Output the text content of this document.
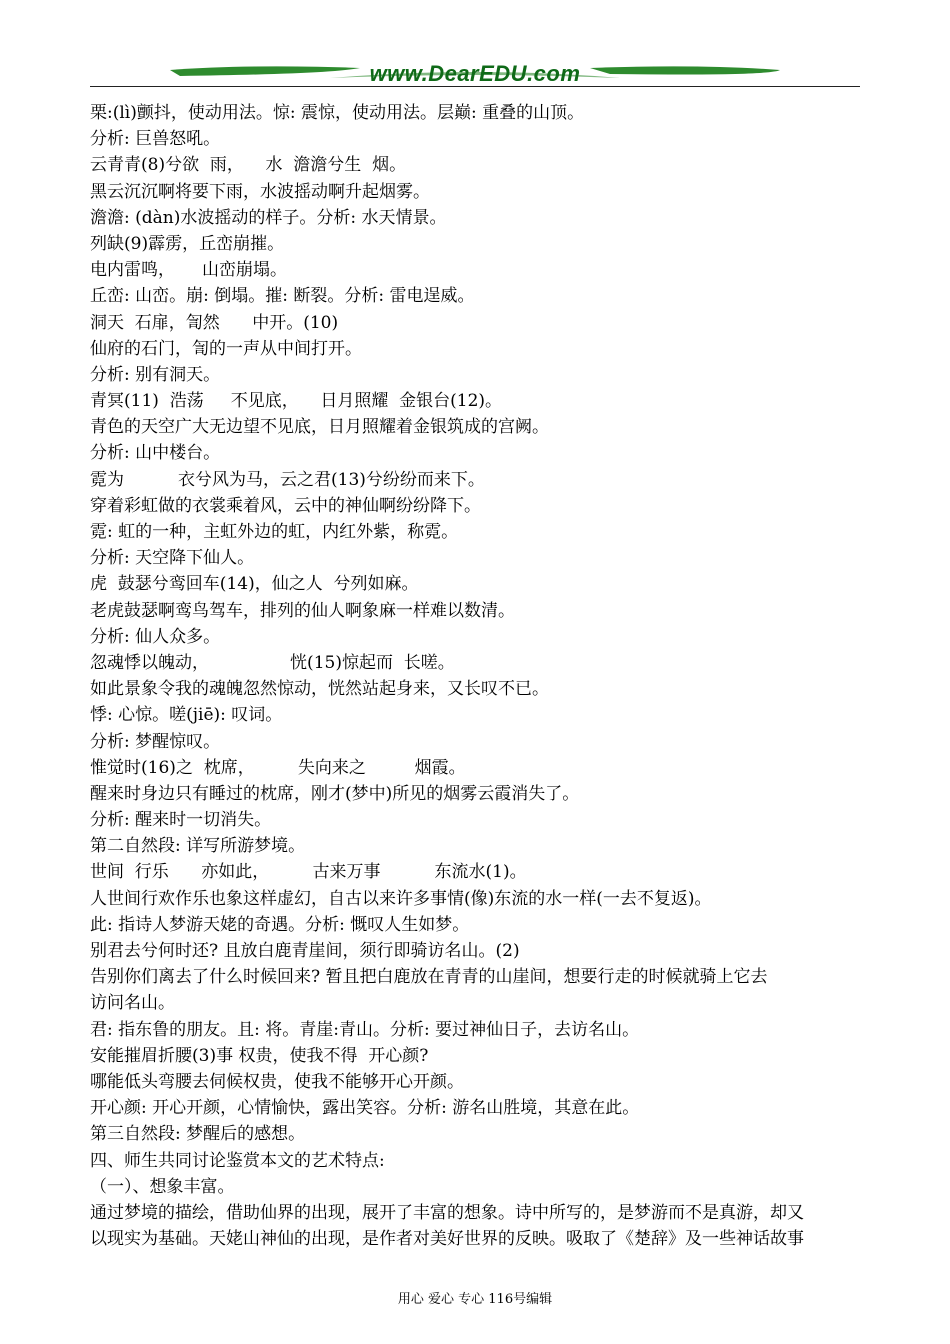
www.DearEDU.com
栗:(lì)颤抖，使动用法。惊: 震惊，使动用法。层巅: 重叠的山顶。
分析: 巨兽怒吼。
云青青(8)兮欲  雨，    水  澹澹兮生  烟。
黑云沉沉啊将要下雨，水波摇动啊升起烟雾。
澹澹: (dàn)水波摇动的样子。分析: 水天情景。
列缺(9)霹雳，丘峦崩摧。
电内雷鸣，     山峦崩塌。
丘峦: 山峦。崩: 倒塌。摧: 断裂。分析: 雷电逞威。
洞天  石扉，訇然      中开。(10)
仙府的石门，訇的一声从中间打开。
分析: 别有洞天。
青冥(11)  浩荡     不见底，    日月照耀  金银台(12)。
青色的天空广大无边望不见底，日月照耀着金银筑成的宫阙。
分析: 山中楼台。
霓为          衣兮风为马，云之君(13)兮纷纷而来下。
穿着彩虹做的衣裳乘着风，云中的神仙啊纷纷降下。
霓: 虹的一种，主虹外边的虹，内红外紫，称霓。
分析: 天空降下仙人。
虎  鼓瑟兮鸾回车(14)，仙之人  兮列如麻。
老虎鼓瑟啊鸾鸟驾车，排列的仙人啊象麻一样难以数清。
分析: 仙人众多。
忽魂悸以魄动，               恍(15)惊起而  长嗟。
如此景象令我的魂魄忽然惊动，恍然站起身来，又长叹不已。
悸: 心惊。嗟(jiē): 叹词。
分析: 梦醒惊叹。
惟觉时(16)之  枕席，        失向来之         烟霞。
醒来时身边只有睡过的枕席，刚才(梦中)所见的烟雾云霞消失了。
分析: 醒来时一切消失。
第二自然段: 详写所游梦境。
世间  行乐      亦如此，        古来万事          东流水(1)。
人世间行欢作乐也象这样虚幻，自古以来许多事情(像)东流的水一样(一去不复返)。
此: 指诗人梦游天姥的奇遇。分析: 慨叹人生如梦。
别君去兮何时还? 且放白鹿青崖间，须行即骑访名山。(2)
告别你们离去了什么时候回来? 暂且把白鹿放在青青的山崖间，想要行走的时候就骑上它去
访问名山。
君: 指东鲁的朋友。且: 将。青崖:青山。分析: 要过神仙日子，去访名山。
安能摧眉折腰(3)事 权贵，使我不得  开心颜?
哪能低头弯腰去伺候权贵，使我不能够开心开颜。
开心颜: 开心开颜，心情愉快，露出笑容。分析: 游名山胜境，其意在此。
第三自然段: 梦醒后的感想。
四、师生共同讨论鉴赏本文的艺术特点:
（一）、想象丰富。
通过梦境的描绘，借助仙界的出现，展开了丰富的想象。诗中所写的，是梦游而不是真游，却又
以现实为基础。天姥山神仙的出现，是作者对美好世界的反映。吸取了《楚辞》及一些神话故事
用心 爱心 专心 116号编辑
